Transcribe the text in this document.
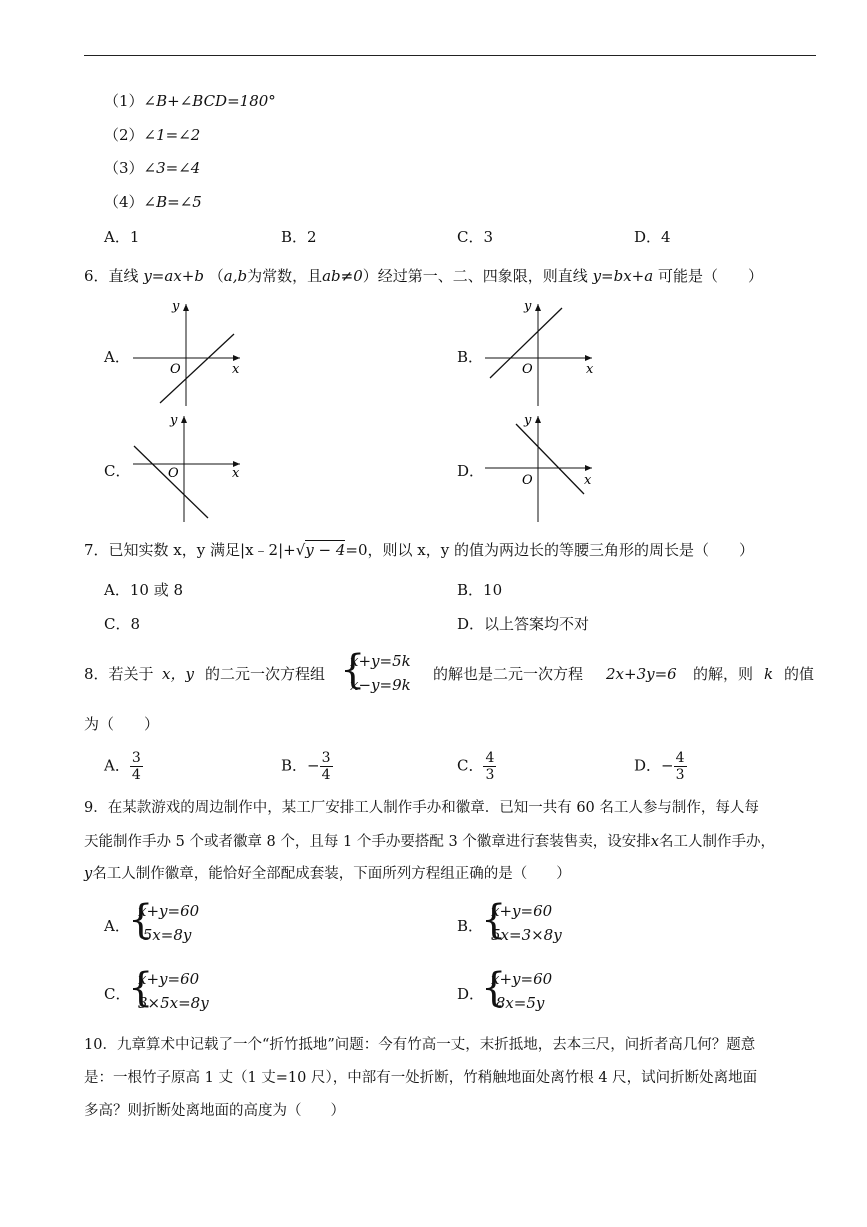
（1）∠B+∠BCD=180°
（2）∠1=∠2
（3）∠3=∠4
（4）∠B=∠5
A．1	B．2	C．3	D．4
6．直线 y=ax+b （a,b为常数，且ab≠0）经过第一、二、四象限，则直线 y=bx+a 可能是（　　）
A．	B．
C．	D．
x
y
O	x
y
O
x
y
O	x
y
O
7．已知实数 x，y 满足|x﹣2|+√y − 4=0，则以 x，y 的值为两边长的等腰三角形的周长是（　　）
A．10 或 8	B．10
C．8	D．以上答案均不对
8．若关于 x，y 的二元一次方程组 {
x+y=5k
x−y=9k
的解也是二元一次方程 2x+3y=6 的解，则 k 的值
为（　　）
A． $\frac{3}{4}$	B．− $\frac{3}{4}$	C． $\frac{4}{3}$	D．− $\frac{4}{3}$
9．在某款游戏的周边制作中，某工厂安排工人制作手办和徽章．已知一共有 60 名工人参与制作，每人每
天能制作手办 5 个或者徽章 8 个，且每 1 个手办要搭配 3 个徽章进行套装售卖，设安排x名工人制作手办，
y名工人制作徽章，能恰好全部配成套装，下面所列方程组正确的是（　　）
A．
{
x+y=60
5x=8y	B．
{
x+y=60
5x=3×8y
C．
{
x+y=60
3×5x=8y	D．
{
x+y=60
8x=5y
10．九章算术中记载了一个“折竹抵地”问题：今有竹高一丈，末折抵地，去本三尺，问折者高几何？题意
是：一根竹子原高 1 丈（1 丈=10 尺），中部有一处折断，竹稍触地面处离竹根 4 尺，试问折断处离地面
多高？则折断处离地面的高度为（　　）
